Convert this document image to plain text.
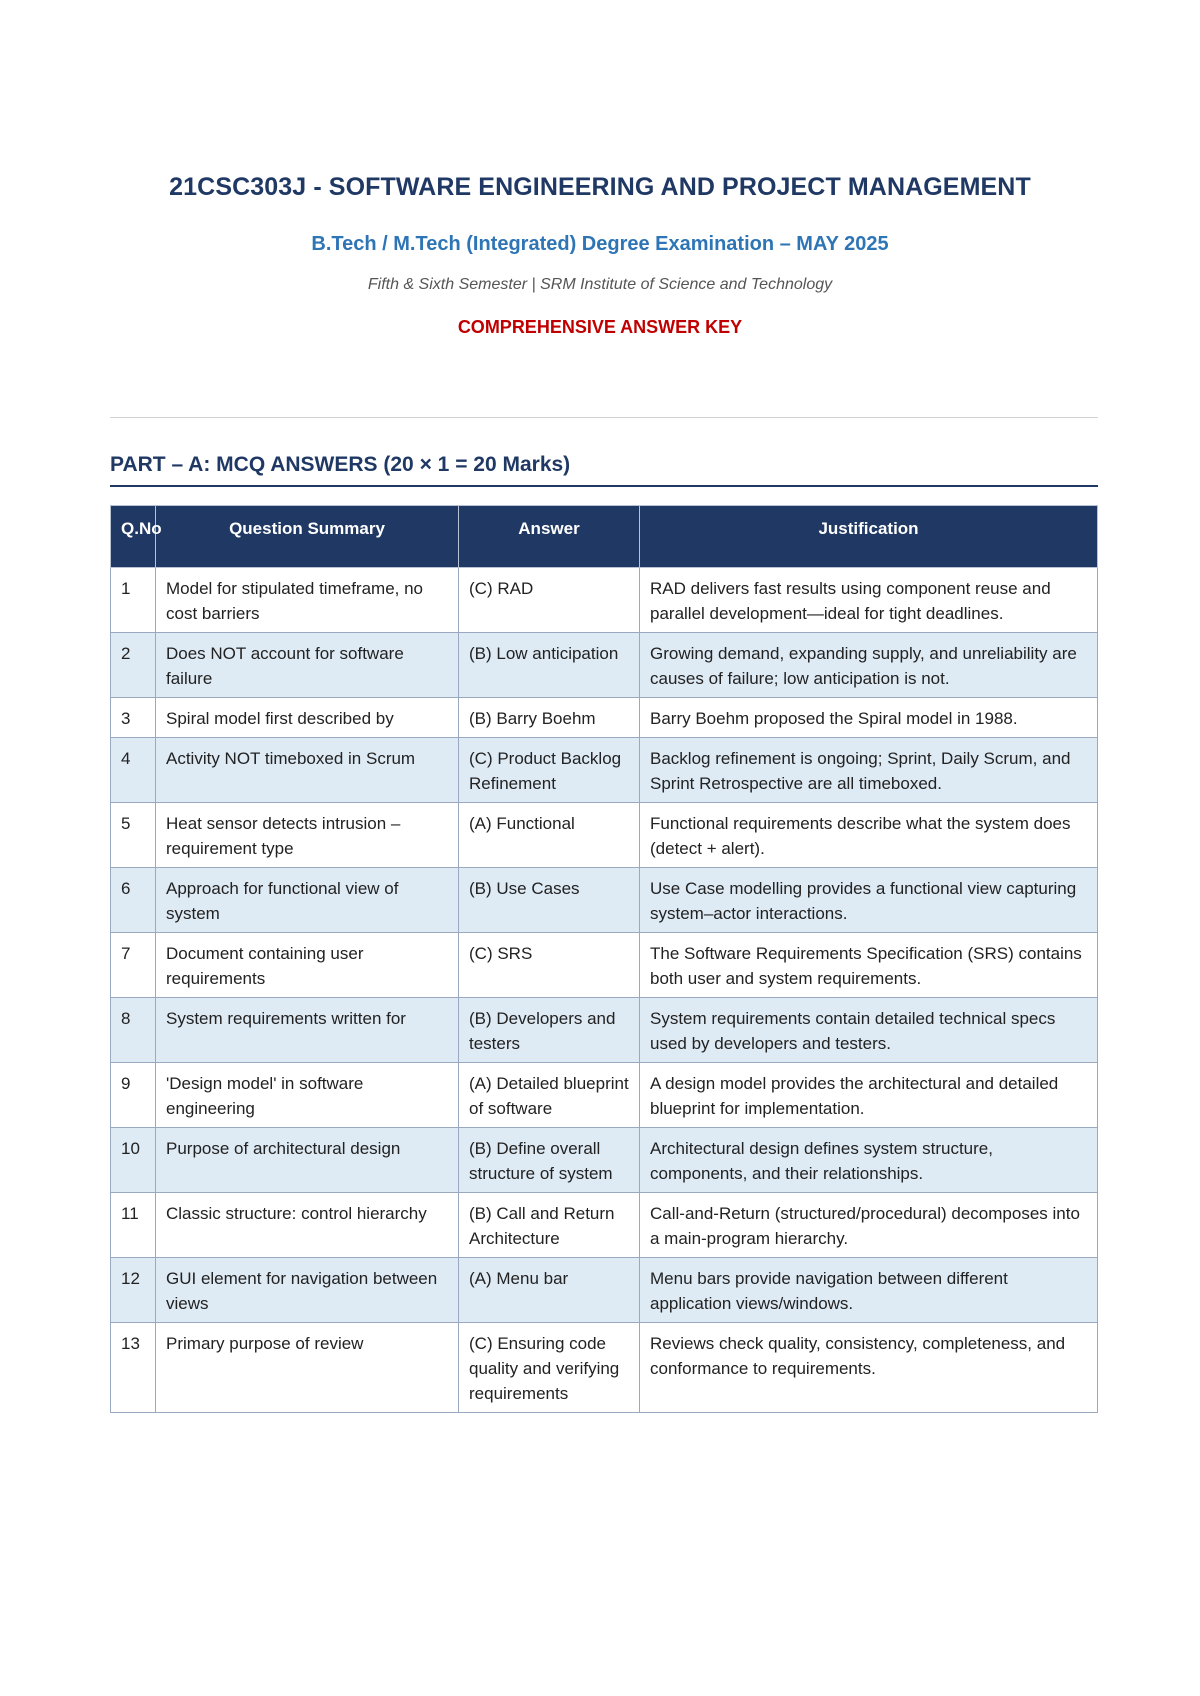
21CSC303J - SOFTWARE ENGINEERING AND PROJECT MANAGEMENT
B.Tech / M.Tech (Integrated) Degree Examination – MAY 2025
Fifth & Sixth Semester | SRM Institute of Science and Technology
COMPREHENSIVE ANSWER KEY
PART – A: MCQ ANSWERS (20 × 1 = 20 Marks)
Q.No	Question Summary	Answer	Justification
1	Model for stipulated timeframe, no cost barriers	(C) RAD	RAD delivers fast results using component reuse and parallel development—ideal for tight deadlines.
2	Does NOT account for software failure	(B) Low anticipation	Growing demand, expanding supply, and unreliability are causes of failure; low anticipation is not.
3	Spiral model first described by	(B) Barry Boehm	Barry Boehm proposed the Spiral model in 1988.
4	Activity NOT timeboxed in Scrum	(C) Product Backlog Refinement	Backlog refinement is ongoing; Sprint, Daily Scrum, and Sprint Retrospective are all timeboxed.
5	Heat sensor detects intrusion – requirement type	(A) Functional	Functional requirements describe what the system does (detect + alert).
6	Approach for functional view of system	(B) Use Cases	Use Case modelling provides a functional view capturing system–actor interactions.
7	Document containing user requirements	(C) SRS	The Software Requirements Specification (SRS) contains both user and system requirements.
8	System requirements written for	(B) Developers and testers	System requirements contain detailed technical specs used by developers and testers.
9	'Design model' in software engineering	(A) Detailed blueprint of software	A design model provides the architectural and detailed blueprint for implementation.
10	Purpose of architectural design	(B) Define overall structure of system	Architectural design defines system structure, components, and their relationships.
11	Classic structure: control hierarchy	(B) Call and Return Architecture	Call-and-Return (structured/procedural) decomposes into a main-program hierarchy.
12	GUI element for navigation between views	(A) Menu bar	Menu bars provide navigation between different application views/windows.
13	Primary purpose of review	(C) Ensuring code quality and verifying requirements	Reviews check quality, consistency, completeness, and conformance to requirements.
